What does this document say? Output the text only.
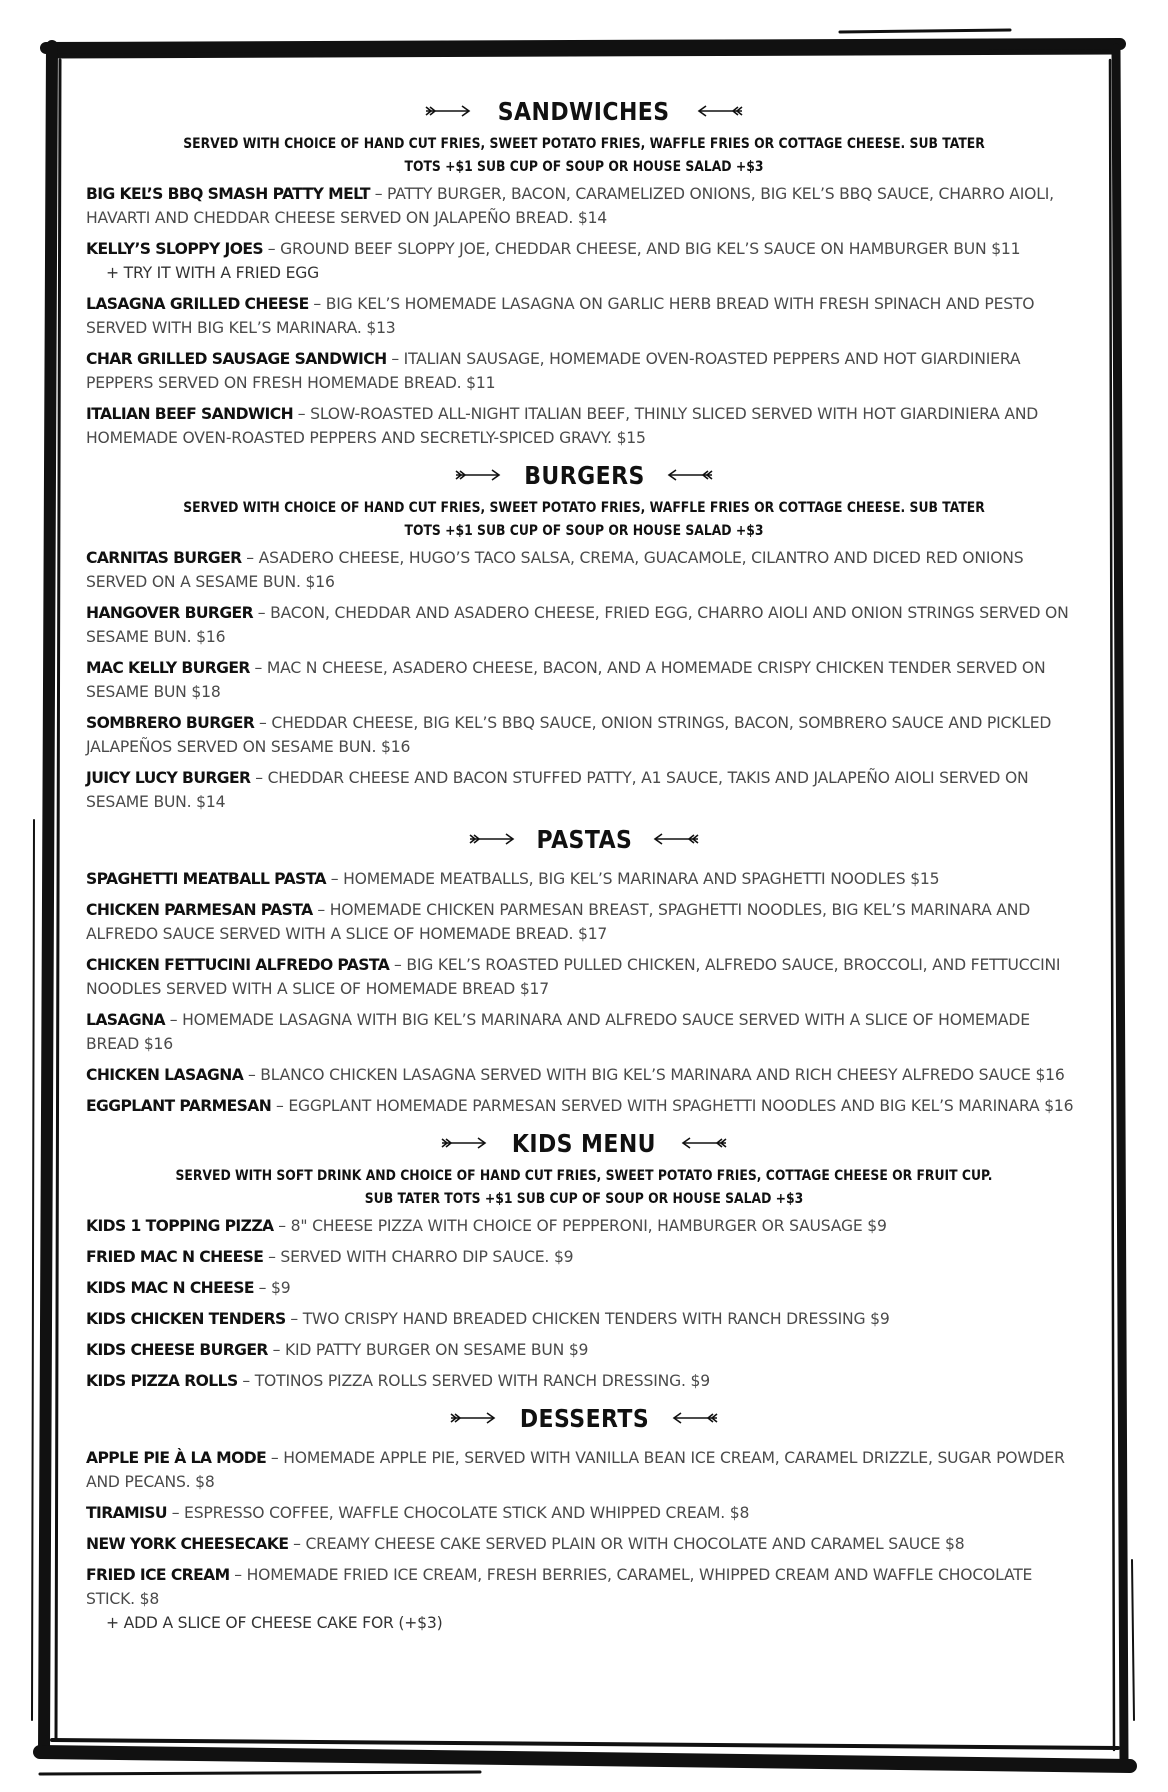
SANDWICHES
SERVED WITH CHOICE OF HAND CUT FRIES, SWEET POTATO FRIES, WAFFLE FRIES OR COTTAGE CHEESE. SUB TATER TOTS +$1 SUB CUP OF SOUP OR HOUSE SALAD +$3
BIG KEL’S BBQ SMASH PATTY MELT – PATTY BURGER, BACON, CARAMELIZED ONIONS, BIG KEL’S BBQ SAUCE, CHARRO AIOLI, HAVARTI AND CHEDDAR CHEESE SERVED ON JALAPEÑO BREAD. $14
KELLY’S SLOPPY JOES – GROUND BEEF SLOPPY JOE, CHEDDAR CHEESE, AND BIG KEL’S SAUCE ON HAMBURGER BUN $11
+ TRY IT WITH A FRIED EGG
LASAGNA GRILLED CHEESE – BIG KEL’S HOMEMADE LASAGNA ON GARLIC HERB BREAD WITH FRESH SPINACH AND PESTO SERVED WITH BIG KEL’S MARINARA. $13
CHAR GRILLED SAUSAGE SANDWICH – ITALIAN SAUSAGE, HOMEMADE OVEN-ROASTED PEPPERS AND HOT GIARDINIERA PEPPERS SERVED ON FRESH HOMEMADE BREAD. $11
ITALIAN BEEF SANDWICH – SLOW-ROASTED ALL-NIGHT ITALIAN BEEF, THINLY SLICED SERVED WITH HOT GIARDINIERA AND HOMEMADE OVEN-ROASTED PEPPERS AND SECRETLY-SPICED GRAVY. $15
BURGERS
SERVED WITH CHOICE OF HAND CUT FRIES, SWEET POTATO FRIES, WAFFLE FRIES OR COTTAGE CHEESE. SUB TATER TOTS +$1 SUB CUP OF SOUP OR HOUSE SALAD +$3
CARNITAS BURGER – ASADERO CHEESE, HUGO’S TACO SALSA, CREMA, GUACAMOLE, CILANTRO AND DICED RED ONIONS SERVED ON A SESAME BUN. $16
HANGOVER BURGER – BACON, CHEDDAR AND ASADERO CHEESE, FRIED EGG, CHARRO AIOLI AND ONION STRINGS SERVED ON SESAME BUN. $16
MAC KELLY BURGER – MAC N CHEESE, ASADERO CHEESE, BACON, AND A HOMEMADE CRISPY CHICKEN TENDER SERVED ON SESAME BUN $18
SOMBRERO BURGER – CHEDDAR CHEESE, BIG KEL’S BBQ SAUCE, ONION STRINGS, BACON, SOMBRERO SAUCE AND PICKLED JALAPEÑOS SERVED ON SESAME BUN. $16
JUICY LUCY BURGER – CHEDDAR CHEESE AND BACON STUFFED PATTY, A1 SAUCE, TAKIS AND JALAPEÑO AIOLI SERVED ON SESAME BUN. $14
PASTAS
SPAGHETTI MEATBALL PASTA – HOMEMADE MEATBALLS, BIG KEL’S MARINARA AND SPAGHETTI NOODLES $15
CHICKEN PARMESAN PASTA – HOMEMADE CHICKEN PARMESAN BREAST, SPAGHETTI NOODLES, BIG KEL’S MARINARA AND ALFREDO SAUCE SERVED WITH A SLICE OF HOMEMADE BREAD. $17
CHICKEN FETTUCINI ALFREDO PASTA – BIG KEL’S ROASTED PULLED CHICKEN, ALFREDO SAUCE, BROCCOLI, AND FETTUCCINI NOODLES SERVED WITH A SLICE OF HOMEMADE BREAD $17
LASAGNA – HOMEMADE LASAGNA WITH BIG KEL’S MARINARA AND ALFREDO SAUCE SERVED WITH A SLICE OF HOMEMADE BREAD $16
CHICKEN LASAGNA – BLANCO CHICKEN LASAGNA SERVED WITH BIG KEL’S MARINARA AND RICH CHEESY ALFREDO SAUCE $16
EGGPLANT PARMESAN – EGGPLANT HOMEMADE PARMESAN SERVED WITH SPAGHETTI NOODLES AND BIG KEL’S MARINARA $16
KIDS MENU
SERVED WITH SOFT DRINK AND CHOICE OF HAND CUT FRIES, SWEET POTATO FRIES, COTTAGE CHEESE OR FRUIT CUP. SUB TATER TOTS +$1 SUB CUP OF SOUP OR HOUSE SALAD +$3
KIDS 1 TOPPING PIZZA – 8" CHEESE PIZZA WITH CHOICE OF PEPPERONI, HAMBURGER OR SAUSAGE $9
FRIED MAC N CHEESE – SERVED WITH CHARRO DIP SAUCE. $9
KIDS MAC N CHEESE – $9
KIDS CHICKEN TENDERS – TWO CRISPY HAND BREADED CHICKEN TENDERS WITH RANCH DRESSING $9
KIDS CHEESE BURGER – KID PATTY BURGER ON SESAME BUN $9
KIDS PIZZA ROLLS – TOTINOS PIZZA ROLLS SERVED WITH RANCH DRESSING. $9
DESSERTS
APPLE PIE À LA MODE – HOMEMADE APPLE PIE, SERVED WITH VANILLA BEAN ICE CREAM, CARAMEL DRIZZLE, SUGAR POWDER AND PECANS. $8
TIRAMISU – ESPRESSO COFFEE, WAFFLE CHOCOLATE STICK AND WHIPPED CREAM. $8
NEW YORK CHEESECAKE – CREAMY CHEESE CAKE SERVED PLAIN OR WITH CHOCOLATE AND CARAMEL SAUCE $8
FRIED ICE CREAM – HOMEMADE FRIED ICE CREAM, FRESH BERRIES, CARAMEL, WHIPPED CREAM AND WAFFLE CHOCOLATE STICK. $8
+ ADD A SLICE OF CHEESE CAKE FOR (+$3)
